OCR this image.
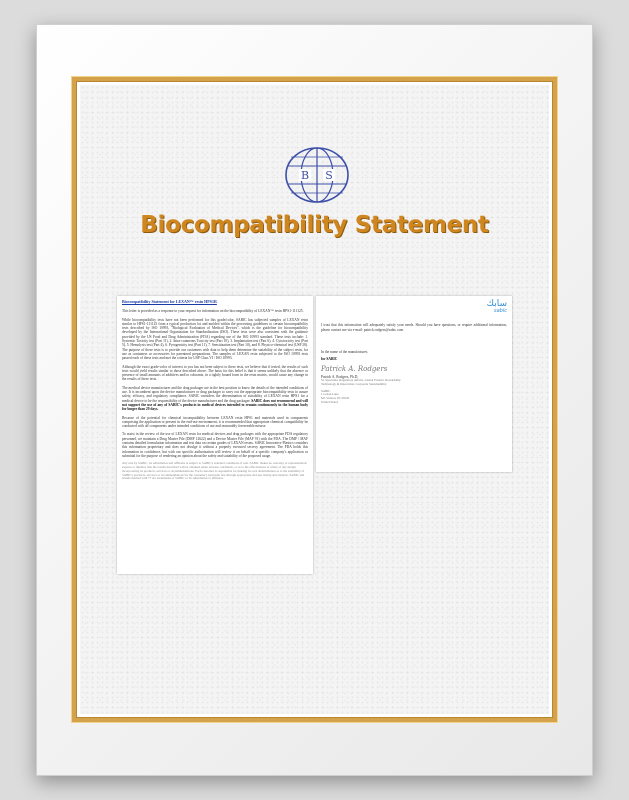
B S
Biocompatibility Statement
Biocompatibility Statement for LEXAN™ resin HPS1R
This letter is provided as a response to your request for information on the biocompatibility of LEXAN™ resin HPS1-111125.
While biocompatibility tests have not been performed for this grade/color, SABIC has subjected samples of LEXAN resin similar to HPS1-111125 from a typical production lot and molded within the processing guidelines to certain biocompatibility tests described by ISO 10993, "Biological Evaluation of Medical Devices", which is the guideline for biocompatibility developed by the International Organization for Standardization (ISO). These tests were also consistent with the guidance provided by the US Food and Drug Administration (FDA) regarding use of the ISO 10993 standard. These tests include: 1. Systemic Toxicity test (Part 11), 2. Intra-cutaneous Toxicity test (Part 10), 3. Implantation test (Part 6), 4. Cytotoxicity test (Part 5), 5. Hemolysis test (Part 4), 6. Pyrogenicity test (Part 11), 7. Sensitization test (Part 10), and 8. Physico-chemical test (USP 28). The purpose of these tests is to provide our customers with data to help them determine the suitability of the subject resin, for use as containers or accessories for parenteral preparations. The samples of LEXAN resin subjected to the ISO 10993 tests passed each of these tests and met the criteria for USP Class VI / ISO 10993.
Although the exact grade-color of interest to you has not been subject to these tests, we believe that if tested, the results of such tests would yield results similar to those described above. The basis for this belief is that it seems unlikely that the absence or presence of small amounts of additives and/or colorants, in a tightly bound form in the resin matrix, would cause any change in the results of these tests.
The medical device manufacturer and the drug packager are in the best position to know the details of the intended conditions of use. It is incumbent upon the device manufacturer or drug packager to carry out the appropriate biocompatibility tests to assure safety, efficacy, and regulatory compliance. SABIC considers the determination of suitability of LEXAN resin HPS1 for a medical device to be the responsibility of the device manufacturer and the drug packager. SABIC does not recommend and will not support the use of any of SABIC's products in medical devices intended to remain continuously in the human body for longer than 29 days.
Because of the potential for chemical incompatibility between LEXAN resin HPS1 and materials used in components comprising the application or present in the end-use environment, it is recommended that appropriate chemical compatibility be conducted with all components under intended conditions of use and reasonably foreseeable misuse.
To assist in the review of the use of LEXAN resin for medical devices and drug packages with the appropriate FDA regulatory personnel, we maintain a Drug Master File (DMF 12622) and a Device Master File (MAF 91) with the FDA. The DMF / MAF contains detailed formulation information and test data on certain grades of LEXAN resins. SABIC Innovative Plastics considers this information proprietary and does not divulge it without a properly executed secrecy agreement. The FDA holds this information in confidence, but with our specific authorization will review it on behalf of a specific company's application or submittal for the purpose of rendering an opinion about the safety and suitability of the proposed usage.
Any sale by SABIC, its subsidiaries and affiliates is subject to SABIC's standard conditions of sale. SABIC makes no warranty or representation, express or implied, that the results described will be obtained under end-use conditions, or as to the effectiveness or safety of any design incorporating its products, services or recommendations. Each customer is responsible for making its own determination as to the suitability of SABIC's products, services or recommendations for the customer's particular use through appropriate end-use testing and analysis. SABIC and brands marked with ™ are trademarks of SABIC or its subsidiaries or affiliates.
سابك
sabic
I trust that this information will adequately satisfy your needs. Should you have questions, or require additional information, please contact me via e-mail: patrick.rodgers@sabic.com
In the name of the manufacturer,
for SABIC
Patrick A. Rodgers
Patrick A. Rodgers, Ph.D.
Sr. Specialist, Regulatory Affairs, Global Product Stewardship
Technology & Innovation, Corporate Sustainability
SABIC
1 Lexan Lane
Mt. Vernon, IN 47620
United States
